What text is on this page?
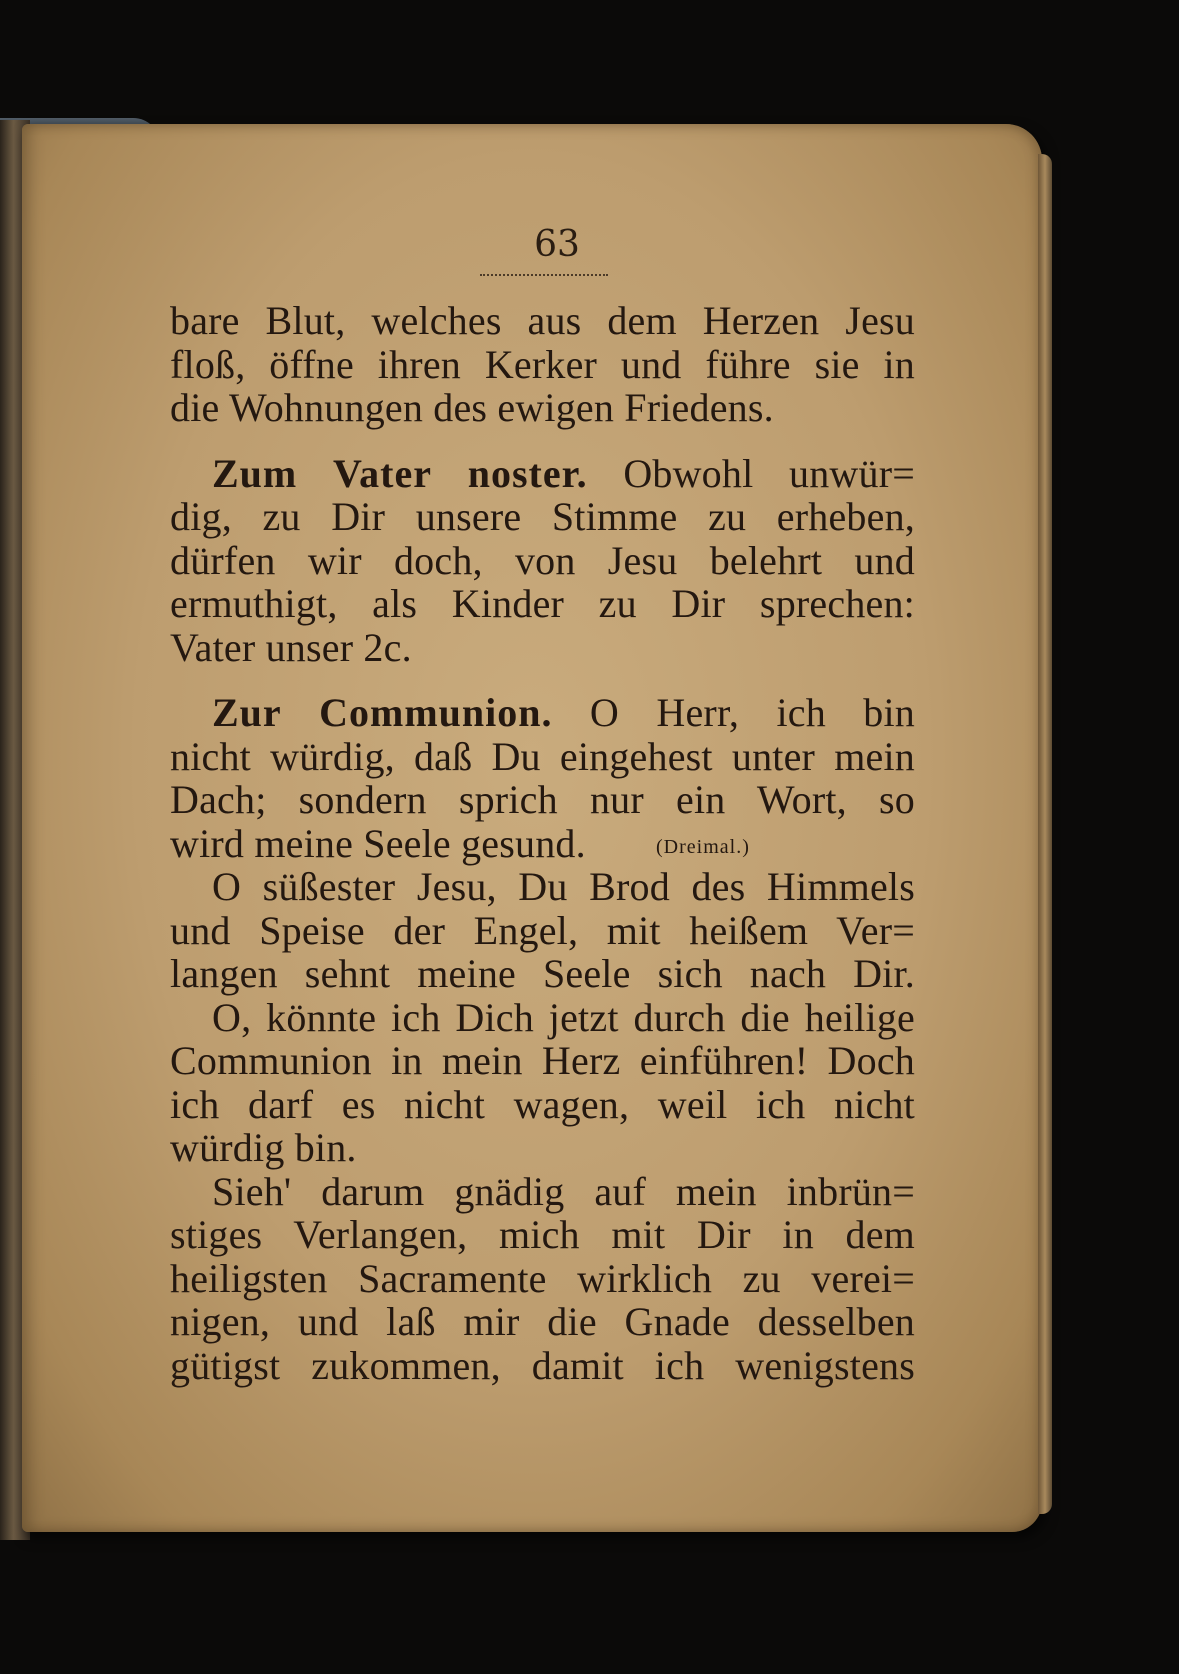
63
bare Blut, welches aus dem Herzen Jesu
floß, öffne ihren Kerker und führe sie in
die Wohnungen des ewigen Friedens.
Zum Vater noster. Obwohl unwür=
dig, zu Dir unsere Stimme zu erheben,
dürfen wir doch, von Jesu belehrt und
ermuthigt, als Kinder zu Dir sprechen:
Vater unser 2c.
Zur Communion. O Herr, ich bin
nicht würdig, daß Du eingehest unter mein
Dach; sondern sprich nur ein Wort, so
wird meine Seele gesund.	(Dreimal.)
O süßester Jesu, Du Brod des Himmels
und Speise der Engel, mit heißem Ver=
langen sehnt meine Seele sich nach Dir.
O, könnte ich Dich jetzt durch die heilige
Communion in mein Herz einführen! Doch
ich darf es nicht wagen, weil ich nicht
würdig bin.
Sieh' darum gnädig auf mein inbrün=
stiges Verlangen, mich mit Dir in dem
heiligsten Sacramente wirklich zu verei=
nigen, und laß mir die Gnade desselben
gütigst zukommen, damit ich wenigstens
